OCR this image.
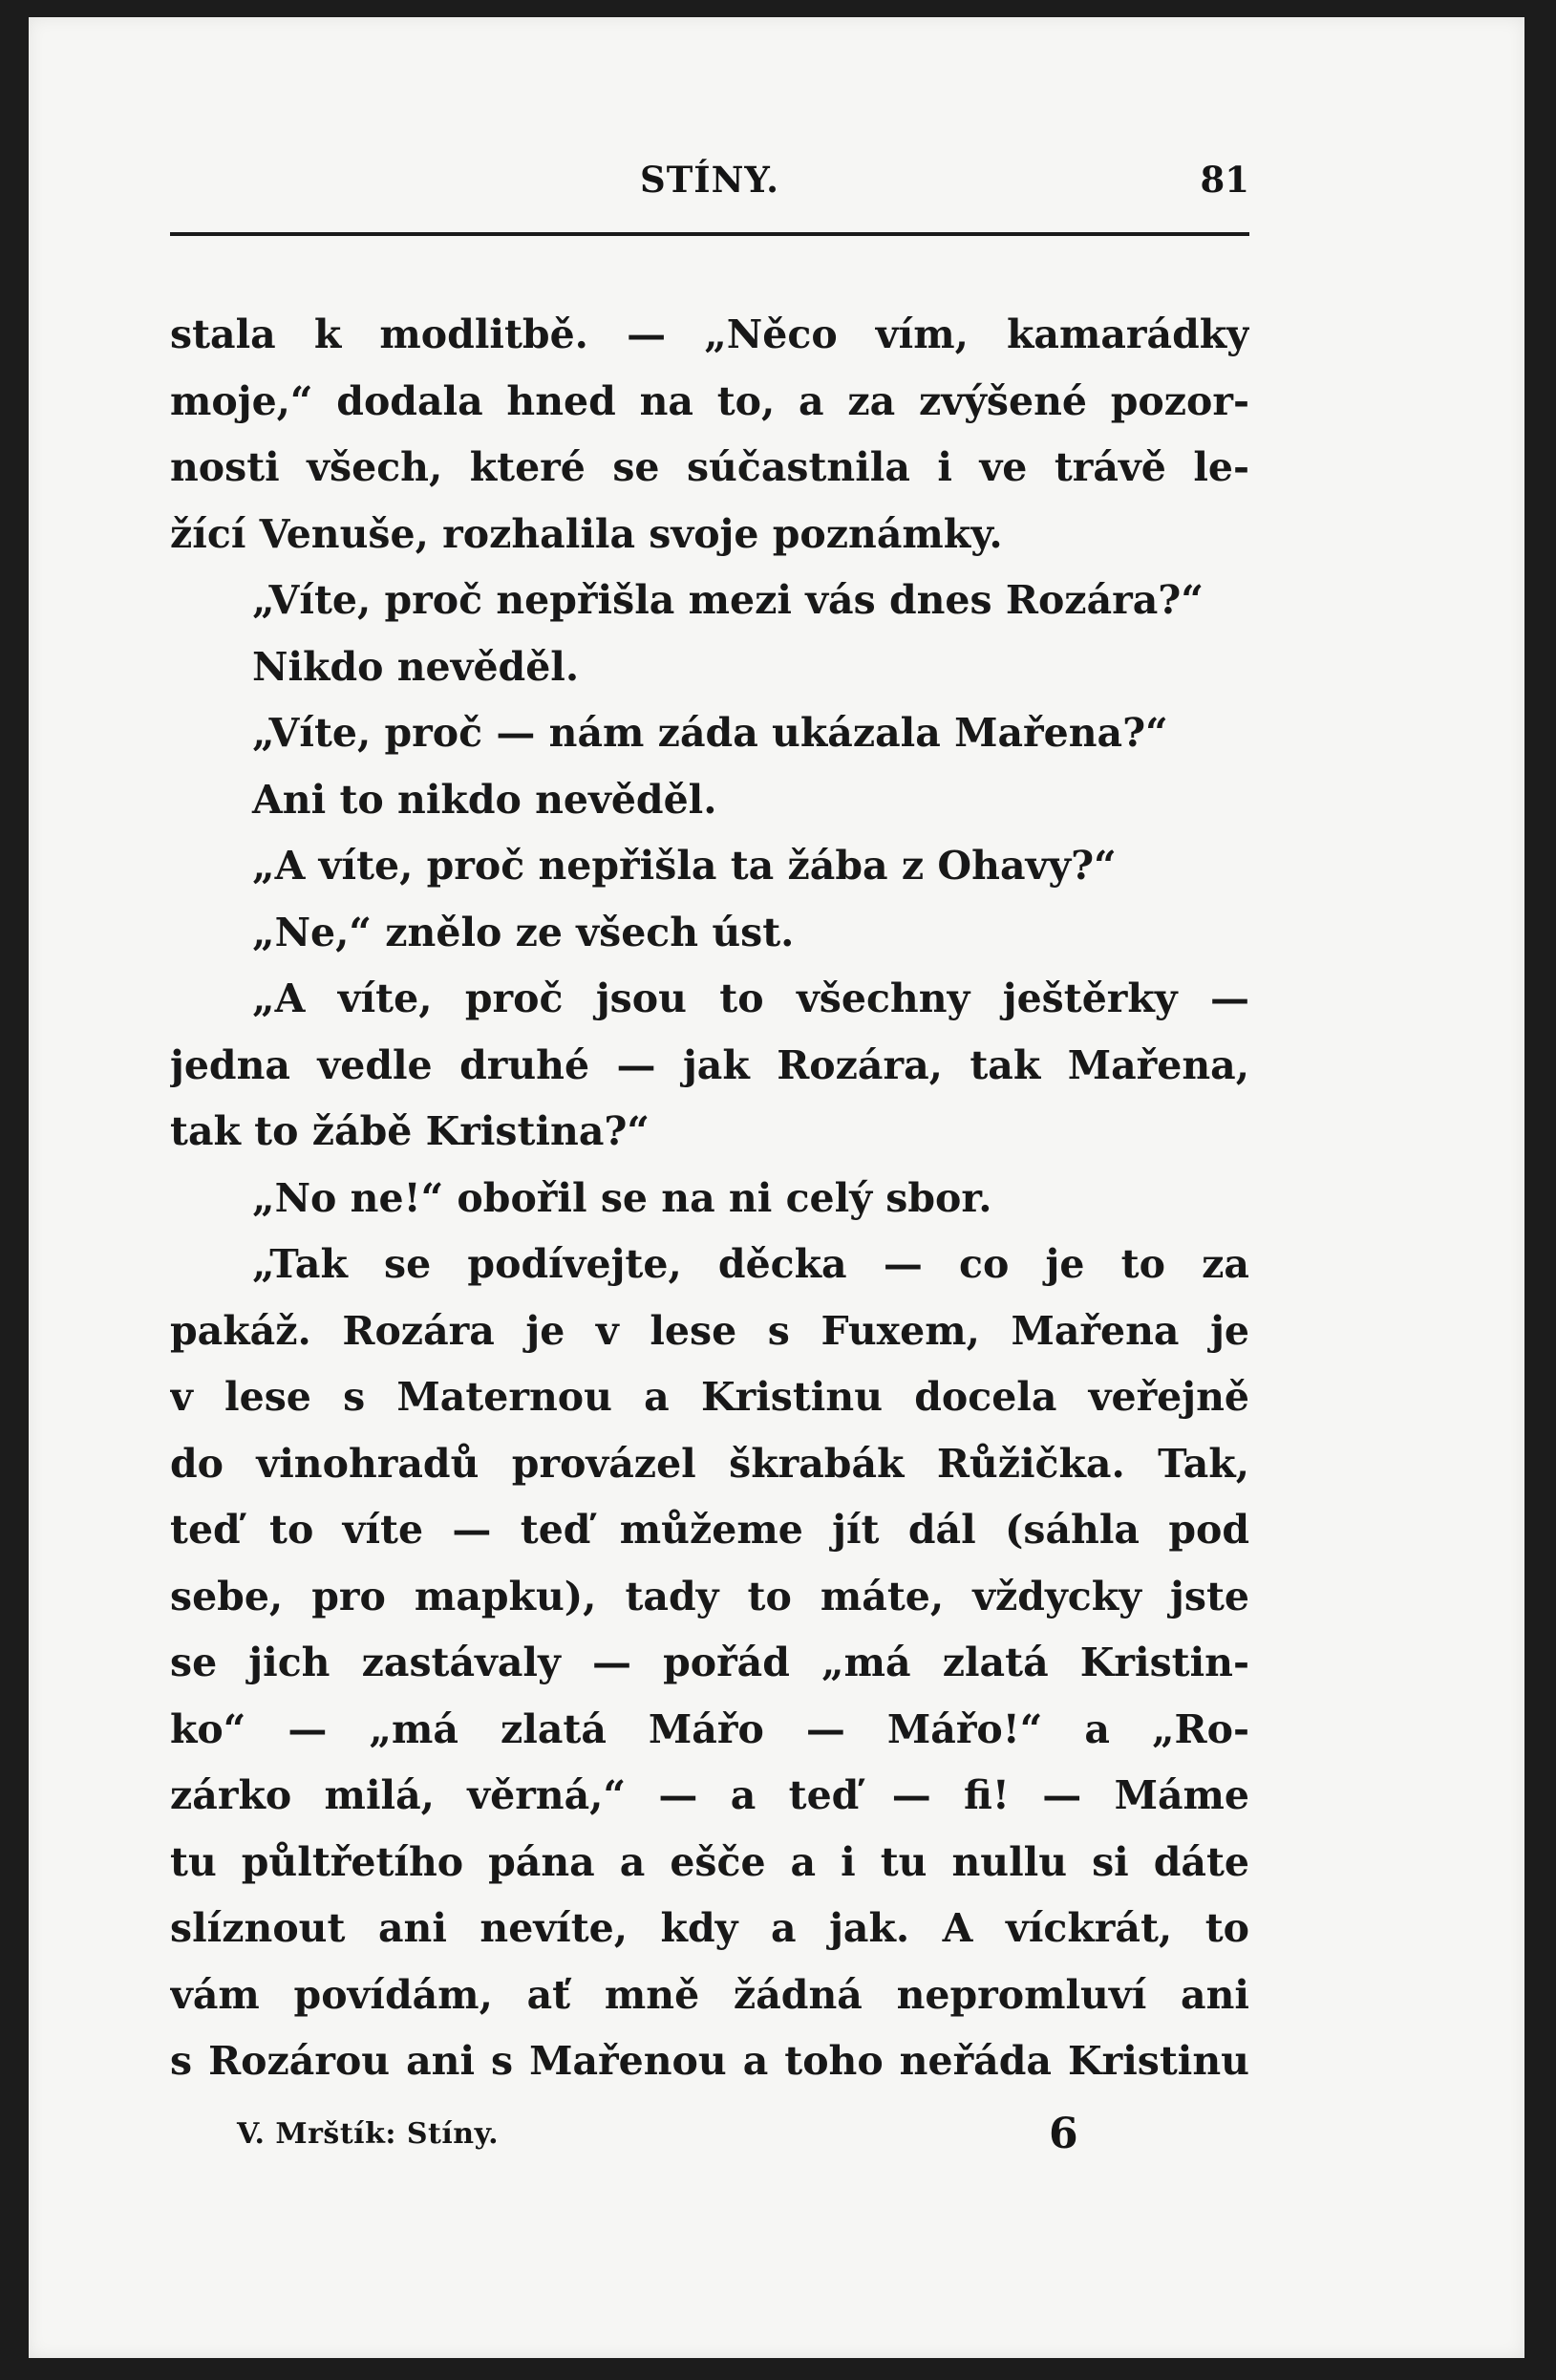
STÍNY.	81
stala k modlitbě. — „Něco vím, kamarádky
moje,“ dodala hned na to, a za zvýšené pozor-
nosti všech, které se súčastnila i ve trávě le-
žící Venuše, rozhalila svoje poznámky.
„Víte, proč nepřišla mezi vás dnes Rozára?“
Nikdo nevěděl.
„Víte, proč — nám záda ukázala Mařena?“
Ani to nikdo nevěděl.
„A víte, proč nepřišla ta žába z Ohavy?“
„Ne,“ znělo ze všech úst.
„A víte, proč jsou to všechny ještěrky —
jedna vedle druhé — jak Rozára, tak Mařena,
tak to žábě Kristina?“
„No ne!“ obořil se na ni celý sbor.
„Tak se podívejte, děcka — co je to za
pakáž. Rozára je v lese s Fuxem, Mařena je
v lese s Maternou a Kristinu docela veřejně
do vinohradů provázel škrabák Růžička. Tak,
teď to víte — teď můžeme jít dál (sáhla pod
sebe, pro mapku), tady to máte, vždycky jste
se jich zastávaly — pořád „má zlatá Kristin-
ko“ — „má zlatá Mářo — Mářo!“ a „Ro-
zárko milá, věrná,“ — a teď — fi! — Máme
tu půltřetího pána a ešče a i tu nullu si dáte
slíznout ani nevíte, kdy a jak. A víckrát, to
vám povídám, ať mně žádná nepromluví ani
s Rozárou ani s Mařenou a toho neřáda Kristinu
V. Mrštík: Stíny.	6
